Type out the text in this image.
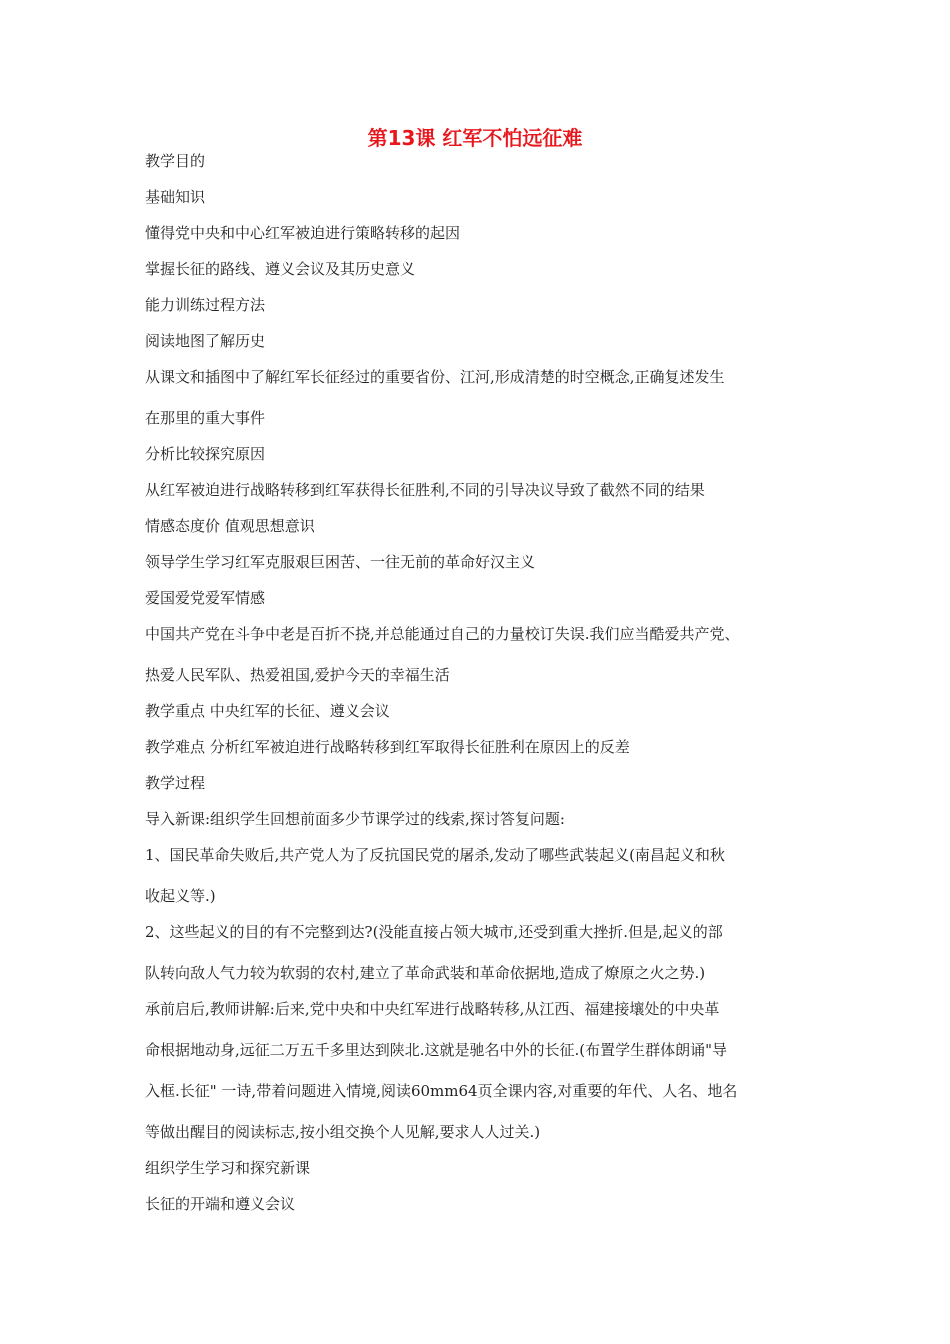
第13课 红军不怕远征难
教学目的
基础知识
懂得党中央和中心红军被迫进行策略转移的起因
掌握长征的路线、遵义会议及其历史意义
能力训练过程方法
阅读地图了解历史
从课文和插图中了解红军长征经过的重要省份、江河,形成清楚的时空概念,正确复述发生
在那里的重大事件
分析比较探究原因
从红军被迫进行战略转移到红军获得长征胜利,不同的引导决议导致了截然不同的结果
情感态度价 值观思想意识
领导学生学习红军克服艰巨困苦、一往无前的革命好汉主义
爱国爱党爱军情感
中国共产党在斗争中老是百折不挠,并总能通过自己的力量校订失误.我们应当酷爱共产党、
热爱人民军队、热爱祖国,爱护今天的幸福生活
教学重点 中央红军的长征、遵义会议
教学难点 分析红军被迫进行战略转移到红军取得长征胜利在原因上的反差
教学过程
导入新课:组织学生回想前面多少节课学过的线索,探讨答复问题:
1、国民革命失败后,共产党人为了反抗国民党的屠杀,发动了哪些武装起义(南昌起义和秋
收起义等.)
2、这些起义的目的有不完整到达?(没能直接占领大城市,还受到重大挫折.但是,起义的部
队转向敌人气力较为软弱的农村,建立了革命武装和革命依据地,造成了燎原之火之势.)
承前启后,教师讲解:后来,党中央和中央红军进行战略转移,从江西、福建接壤处的中央革
命根据地动身,远征二万五千多里达到陕北.这就是驰名中外的长征.(布置学生群体朗诵"导
入框.长征" 一诗,带着问题进入情境,阅读60mm64页全课内容,对重要的年代、人名、地名
等做出醒目的阅读标志,按小组交换个人见解,要求人人过关.)
组织学生学习和探究新课
长征的开端和遵义会议
